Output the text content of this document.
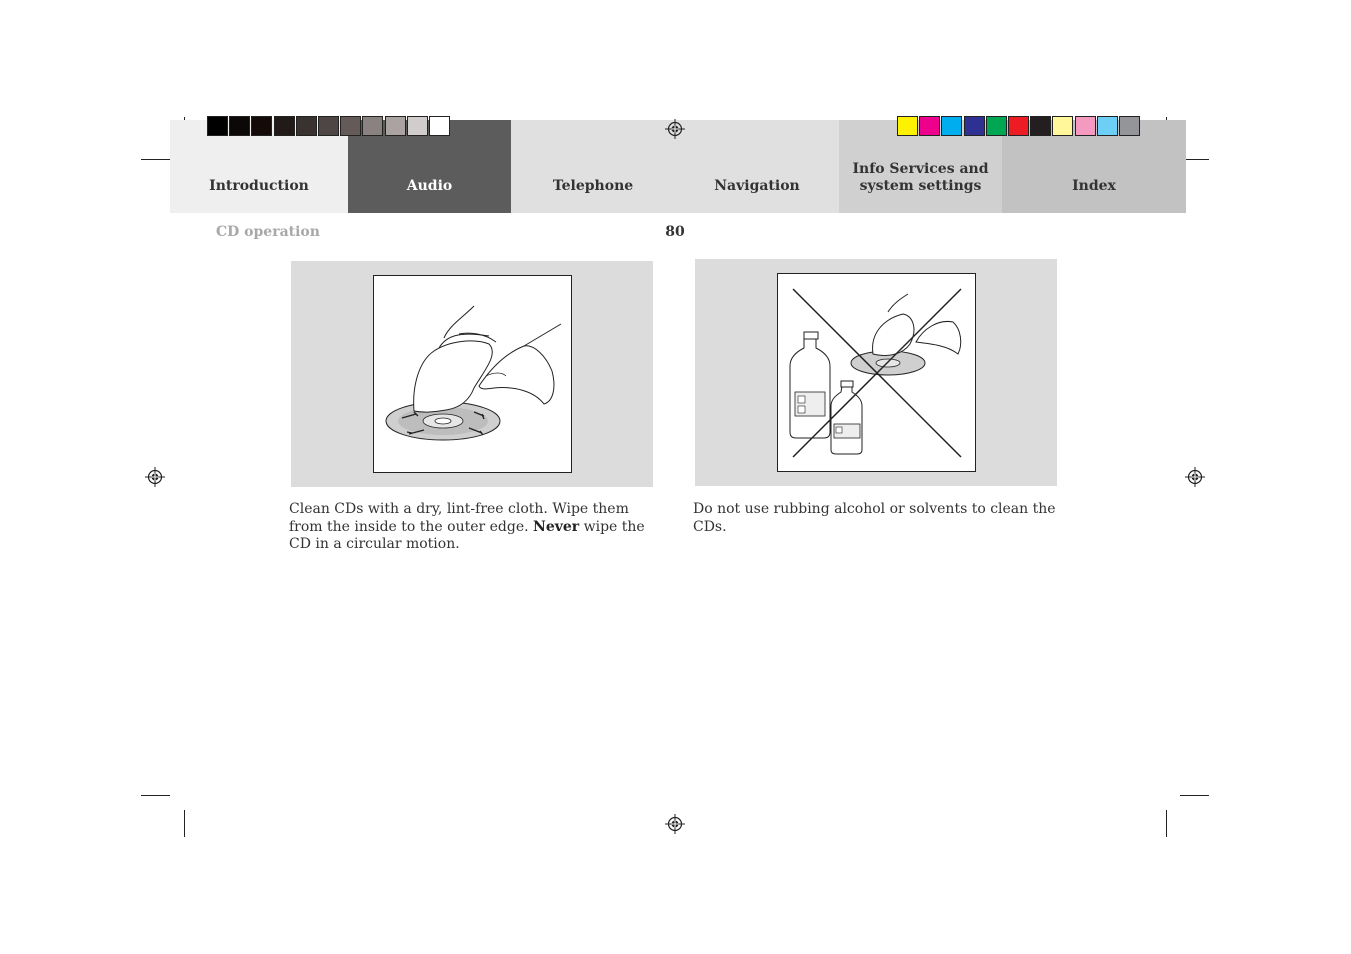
Introduction	Audio	Telephone	Navigation
Info Services and
system settings	Index
CD operation	80
Clean CDs with a dry, lint-free cloth. Wipe them from the inside to the outer edge. Never wipe the CD in a circular motion.
Do not use rubbing alcohol or solvents to clean the CDs.
